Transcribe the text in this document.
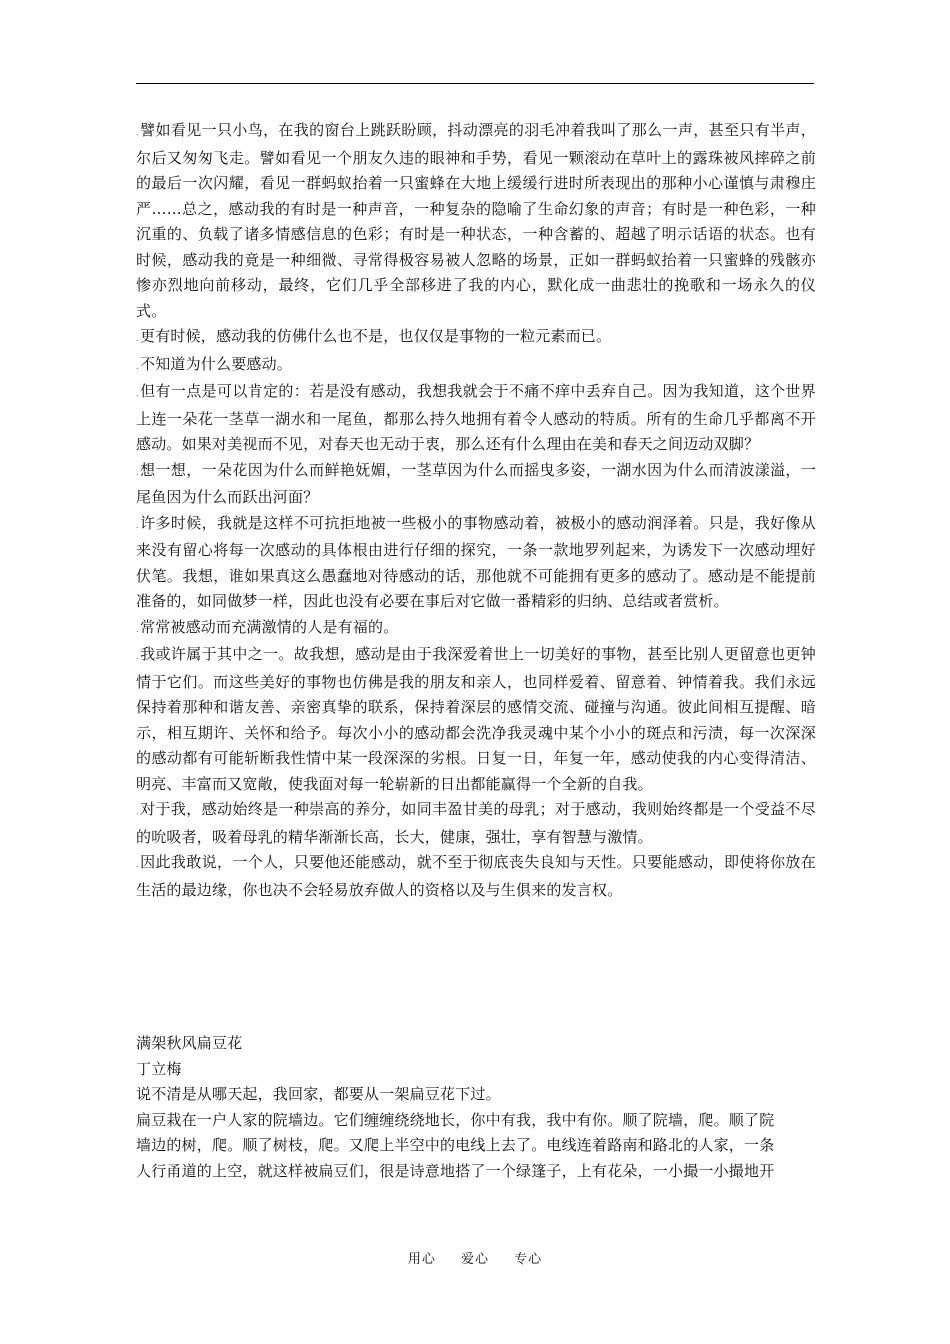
.譬如看见一只小鸟，在我的窗台上跳跃盼顾，抖动漂亮的羽毛冲着我叫了那么一声，甚至只有半声，尔后又匆匆飞走。譬如看见一个朋友久违的眼神和手势，看见一颗滚动在草叶上的露珠被风摔碎之前的最后一次闪耀，看见一群蚂蚁抬着一只蜜蜂在大地上缓缓行进时所表现出的那种小心谨慎与肃穆庄严……总之，感动我的有时是一种声音，一种复杂的隐喻了生命幻象的声音；有时是一种色彩，一种沉重的、负载了诸多情感信息的色彩；有时是一种状态，一种含蓄的、超越了明示话语的状态。也有时候，感动我的竟是一种细微、寻常得极容易被人忽略的场景，正如一群蚂蚁抬着一只蜜蜂的残骸亦惨亦烈地向前移动，最终，它们几乎全部移进了我的内心，默化成一曲悲壮的挽歌和一场永久的仪式。

.更有时候，感动我的仿佛什么也不是，也仅仅是事物的一粒元素而已。

.不知道为什么要感动。

.但有一点是可以肯定的：若是没有感动，我想我就会于不痛不痒中丢弃自己。因为我知道，这个世界上连一朵花一茎草一湖水和一尾鱼，都那么持久地拥有着令人感动的特质。所有的生命几乎都离不开感动。如果对美视而不见，对春天也无动于衷，那么还有什么理由在美和春天之间迈动双脚？

.想一想，一朵花因为什么而鲜艳妩媚，一茎草因为什么而摇曳多姿，一湖水因为什么而清波漾溢，一尾鱼因为什么而跃出河面？

.许多时候，我就是这样不可抗拒地被一些极小的事物感动着，被极小的感动润泽着。只是，我好像从来没有留心将每一次感动的具体根由进行仔细的探究，一条一款地罗列起来，为诱发下一次感动埋好伏笔。我想，谁如果真这么愚蠢地对待感动的话，那他就不可能拥有更多的感动了。感动是不能提前准备的，如同做梦一样，因此也没有必要在事后对它做一番精彩的归纳、总结或者赏析。

.常常被感动而充满激情的人是有福的。

.我或许属于其中之一。故我想，感动是由于我深爱着世上一切美好的事物，甚至比别人更留意也更钟情于它们。而这些美好的事物也仿佛是我的朋友和亲人，也同样爱着、留意着、钟情着我。我们永远保持着那种和谐友善、亲密真挚的联系，保持着深层的感情交流、碰撞与沟通。彼此间相互提醒、暗示，相互期许、关怀和给予。每次小小的感动都会洗净我灵魂中某个小小的斑点和污渍，每一次深深的感动都有可能斩断我性情中某一段深深的劣根。日复一日，年复一年，感动使我的内心变得清洁、明亮、丰富而又宽敞，使我面对每一轮崭新的日出都能赢得一个全新的自我。

.对于我，感动始终是一种崇高的养分，如同丰盈甘美的母乳；对于感动，我则始终都是一个受益不尽的吮吸者，吸着母乳的精华渐渐长高，长大，健康，强壮，享有智慧与激情。

.因此我敢说，一个人，只要他还能感动，就不至于彻底丧失良知与天性。只要能感动，即使将你放在生活的最边缘，你也决不会轻易放弃做人的资格以及与生俱来的发言权。

满架秋风扁豆花

丁立梅

说不清是从哪天起，我回家，都要从一架扁豆花下过。

扁豆栽在一户人家的院墙边。它们缠缠绕绕地长，你中有我，我中有你。顺了院墙，爬。顺了院

墙边的树，爬。顺了树枝，爬。又爬上半空中的电线上去了。电线连着路南和路北的人家，一条

人行甬道的上空，就这样被扁豆们，很是诗意地搭了一个绿篷子，上有花朵，一小撮一小撮地开

用心 爱心 专心
